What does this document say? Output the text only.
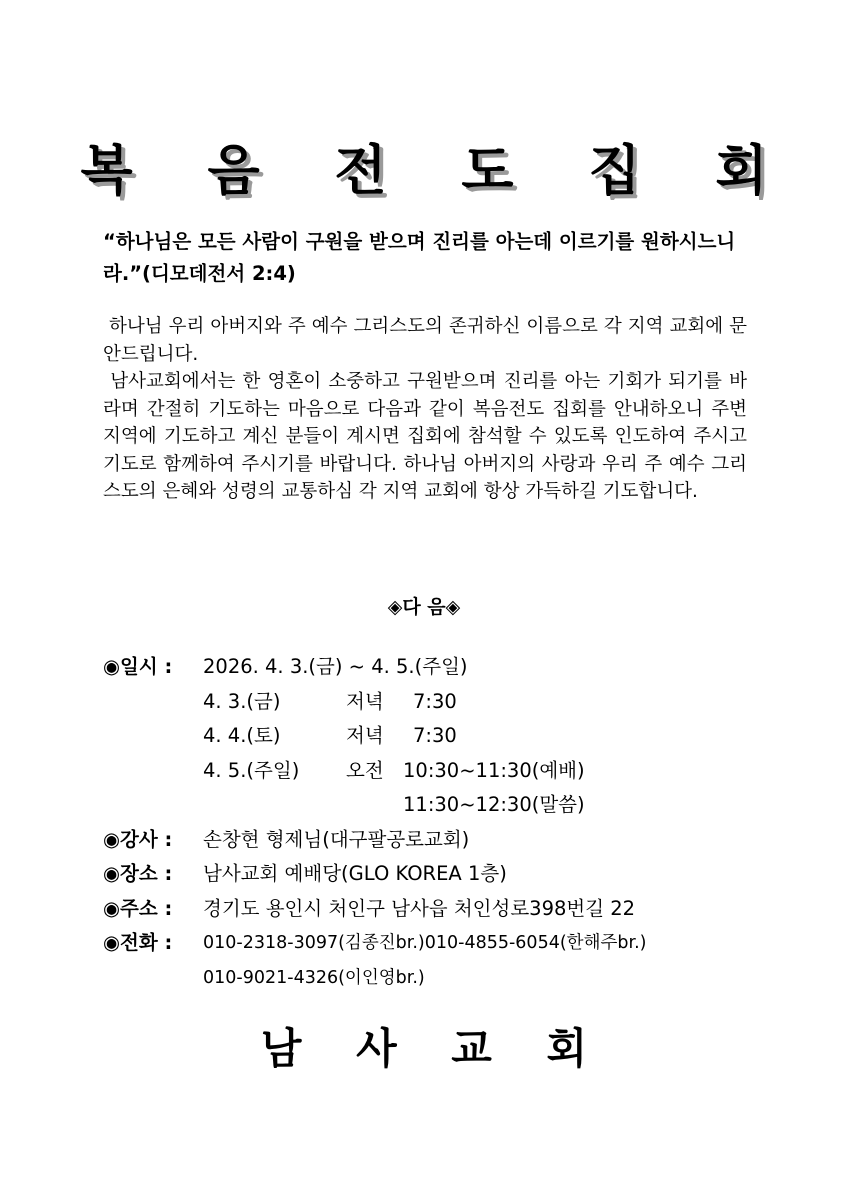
복 음 전 도 집 회
“하나님은 모든 사람이 구원을 받으며 진리를 아는데 이르기를 원하시느니라.”(디모데전서 2:4)

하나님 우리 아버지와 주 예수 그리스도의 존귀하신 이름으로 각 지역 교회에 문안드립니다.

남사교회에서는 한 영혼이 소중하고 구원받으며 진리를 아는 기회가 되기를 바라며 간절히 기도하는 마음으로 다음과 같이 복음전도 집회를 안내하오니 주변 지역에 기도하고 계신 분들이 계시면 집회에 참석할 수 있도록 인도하여 주시고 기도로 함께하여 주시기를 바랍니다. 하나님 아버지의 사랑과 우리 주 예수 그리스도의 은혜와 성령의 교통하심 각 지역 교회에 항상 가득하길 기도합니다.

◈다 음◈
◉일시 : 2026. 4. 3.(금) ~ 4. 5.(주일)
4. 3.(금)	저녁 7:30
4. 4.(토)	저녁 7:30
4. 5.(주일)	오전 10:30~11:30(예배)
11:30~12:30(말씀)
◉강사 : 손창현 형제님(대구팔공로교회)
◉장소 : 남사교회 예배당(GLO KOREA 1층)
◉주소 : 경기도 용인시 처인구 남사읍 처인성로398번길 22
◉전화 : 010-2318-3097(김종진br.)010-4855-6054(한해주br.)
010-9021-4326(이인영br.)
남 사 교 회
